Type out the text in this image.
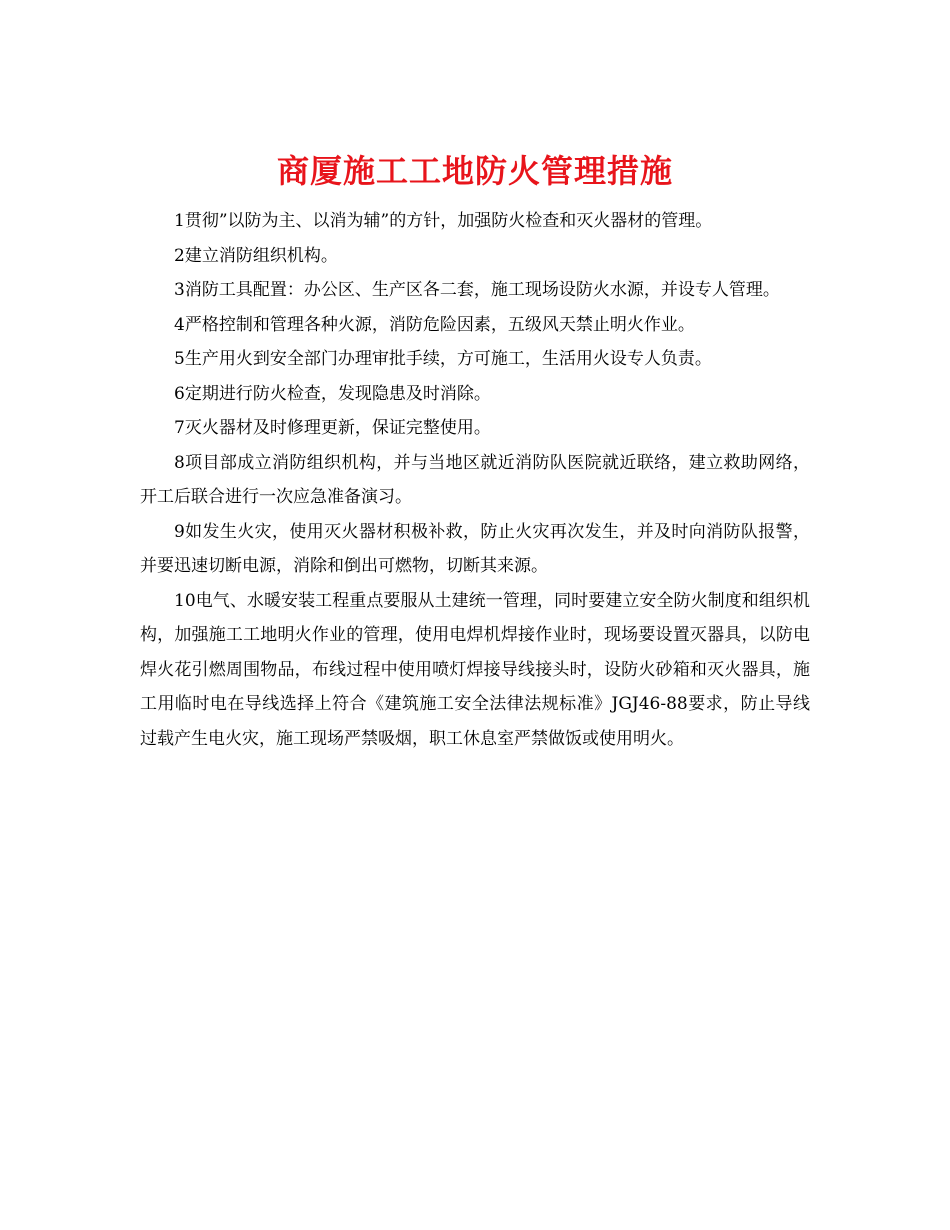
商厦施工工地防火管理措施

1贯彻”以防为主、以消为辅”的方针，加强防火检查和灭火器材的管理。

2建立消防组织机构。

3消防工具配置：办公区、生产区各二套，施工现场设防火水源，并设专人管理。

4严格控制和管理各种火源，消防危险因素，五级风天禁止明火作业。

5生产用火到安全部门办理审批手续，方可施工，生活用火设专人负责。

6定期进行防火检查，发现隐患及时消除。

7灭火器材及时修理更新，保证完整使用。

8项目部成立消防组织机构，并与当地区就近消防队医院就近联络，建立救助网络，开工后联合进行一次应急准备演习。

9如发生火灾，使用灭火器材积极补救，防止火灾再次发生，并及时向消防队报警，并要迅速切断电源，消除和倒出可燃物，切断其来源。

10电气、水暖安装工程重点要服从土建统一管理，同时要建立安全防火制度和组织机构，加强施工工地明火作业的管理，使用电焊机焊接作业时，现场要设置灭器具，以防电焊火花引燃周围物品，布线过程中使用喷灯焊接导线接头时，设防火砂箱和灭火器具，施工用临时电在导线选择上符合《建筑施工安全法律法规标准》JGJ46-88要求，防止导线过载产生电火灾，施工现场严禁吸烟，职工休息室严禁做饭或使用明火。
